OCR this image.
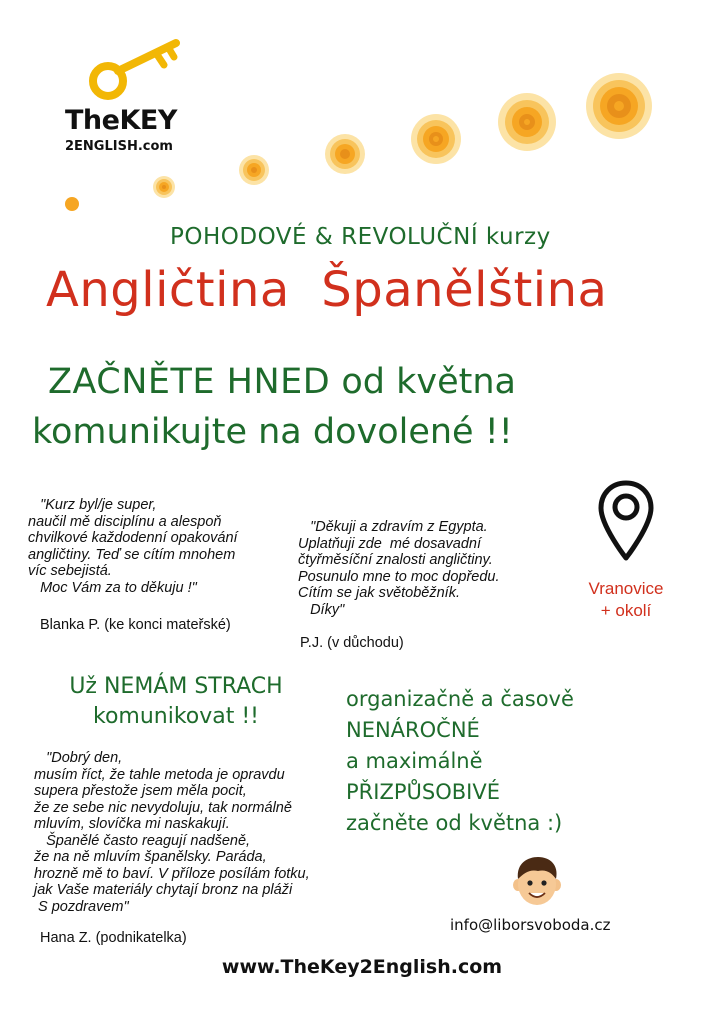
TheKEY
2ENGLISH.com
POHODOVÉ & REVOLUČNÍ kurzy
Angličtina  Španělština
ZAČNĚTE HNED od května
komunikujte na dovolené !!
"Kurz byl/je super,
naučil mě disciplínu a alespoň
chvilkové každodenní opakování
angličtiny. Teď se cítím mnohem
víc sebejistá.
Moc Vám za to děkuju !"
Blanka P. (ke konci mateřské)
"Děkuji a zdravím z Egypta.
Uplatňuji zde  mé dosavadní
čtyřměsíční znalosti angličtiny.
Posunulo mne to moc dopředu.
Cítím se jak světoběžník.
Díky"
P.J. (v důchodu)
Vranovice
+ okolí
Už NEMÁM STRACH
komunikovat !!
organizačně a časově
NENÁROČNÉ
a maximálně
PŘIZPŮSOBIVÉ
začněte od května :)
"Dobrý den,
musím říct, že tahle metoda je opravdu
supera přestože jsem měla pocit,
že ze sebe nic nevydoluju, tak normálně
mluvím, slovíčka mi naskakují.
Španělé často reagují nadšeně,
že na ně mluvím španělsky. Paráda,
hrozně mě to baví. V příloze posílám fotku,
jak Vaše materiály chytají bronz na pláži
S pozdravem"
Hana Z. (podnikatelka)
info@liborsvoboda.cz
www.TheKey2English.com
